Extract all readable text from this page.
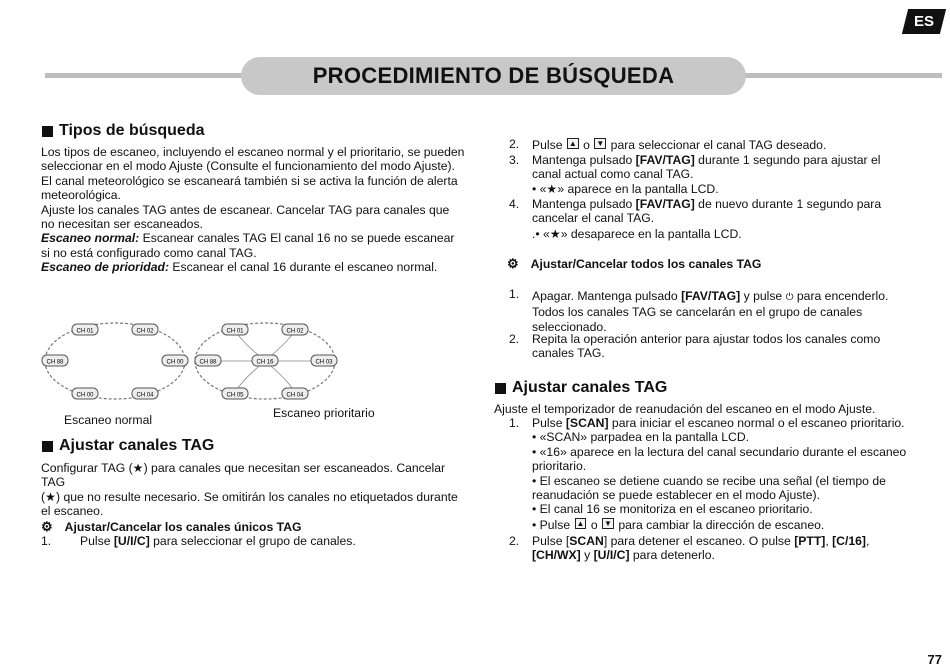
PROCEDIMIENTO DE BÚSQUEDA
ES
Tipos de búsqueda
Los tipos de escaneo, incluyendo el escaneo normal y el prioritario, se pueden
seleccionar en el modo Ajuste (Consulte el funcionamiento del modo Ajuste).
El canal meteorológico se escaneará también si se activa la función de alerta
meteorológica.
Ajuste los canales TAG antes de escanear. Cancelar TAG para canales que
no necesitan ser escaneados.
Escaneo normal: Escanear canales TAG El canal 16 no se puede escanear
si no está configurado como canal TAG.
Escaneo de prioridad: Escanear el canal 16 durante el escaneo normal.
CH 01	CH 02
CH 88	CH 00
CH 00	CH 04
CH 01	CH 02
CH 88	CH 16	CH 03
CH 05	CH 04
Escaneo normal	Escaneo prioritario
Ajustar canales TAG
Configurar TAG (★) para canales que necesitan ser escaneados. Cancelar
TAG
(★) que no resulte necesario. Se omitirán los canales no etiquetados durante
el escaneo.
⚙ Ajustar/Cancelar los canales únicos TAG
1. Pulse [U/I/C] para seleccionar el grupo de canales.
2. Pulse ▲ o ▼ para seleccionar el canal TAG deseado.
3. Mantenga pulsado [FAV/TAG] durante 1 segundo para ajustar el
canal actual como canal TAG.
• «★» aparece en la pantalla LCD.
4. Mantenga pulsado [FAV/TAG] de nuevo durante 1 segundo para
cancelar el canal TAG.
.• «★» desaparece en la pantalla LCD.
⚙ Ajustar/Cancelar todos los canales TAG
1. Apagar. Mantenga pulsado [FAV/TAG] y pulse ⏻ para encenderlo.
Todos los canales TAG se cancelarán en el grupo de canales
seleccionado.
2. Repita la operación anterior para ajustar todos los canales como
canales TAG.
Ajustar canales TAG
Ajuste el temporizador de reanudación del escaneo en el modo Ajuste.
1. Pulse [SCAN] para iniciar el escaneo normal o el escaneo prioritario.
• «SCAN» parpadea en la pantalla LCD.
• «16» aparece en la lectura del canal secundario durante el escaneo
prioritario.
• El escaneo se detiene cuando se recibe una señal (el tiempo de
reanudación se puede establecer en el modo Ajuste).
• El canal 16 se monitoriza en el escaneo prioritario.
• Pulse ▲ o ▼ para cambiar la dirección de escaneo.
2. Pulse [SCAN] para detener el escaneo. O pulse [PTT], [C/16],
[CH/WX] y [U/I/C] para detenerlo.
77
